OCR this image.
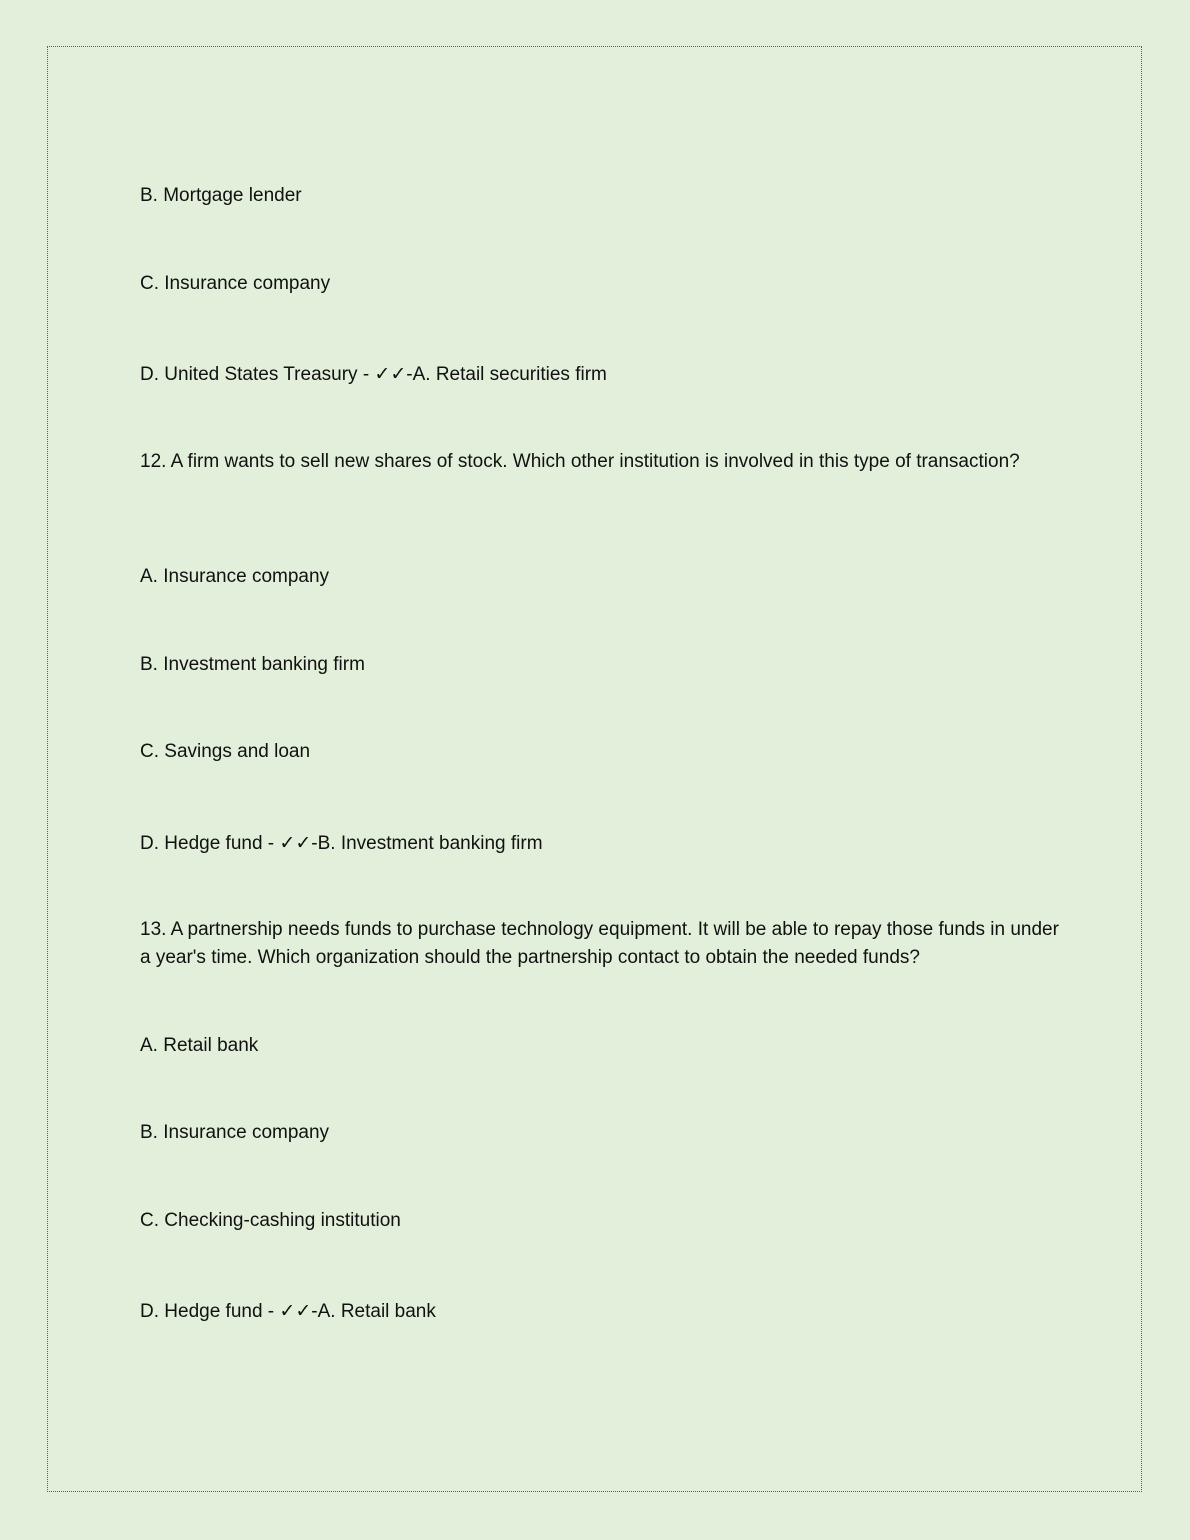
B. Mortgage lender
C. Insurance company
D. United States Treasury - ✓✓-A. Retail securities firm
12. A firm wants to sell new shares of stock. Which other institution is involved in this type of transaction?
A. Insurance company
B. Investment banking firm
C. Savings and loan
D. Hedge fund - ✓✓-B. Investment banking firm
13. A partnership needs funds to purchase technology equipment. It will be able to repay those funds in under a year's time. Which organization should the partnership contact to obtain the needed funds?
A. Retail bank
B. Insurance company
C. Checking-cashing institution
D. Hedge fund - ✓✓-A. Retail bank
